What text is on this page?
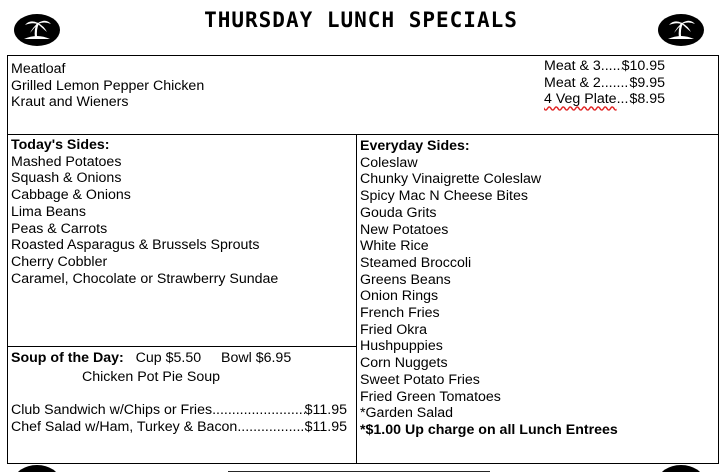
THURSDAY LUNCH SPECIALS
Meatloaf
Grilled Lemon Pepper Chicken
Kraut and Wieners
Meat & 3 ..... $10.95
Meat & 2 ..... $9.95
4 Veg Plate ..... $8.95
Today's Sides:
Mashed Potatoes
Squash & Onions
Cabbage & Onions
Lima Beans
Peas & Carrots
Roasted Asparagus & Brussels Sprouts
Cherry Cobbler
Caramel, Chocolate or Strawberry Sundae
Soup of the Day: Cup $5.50 Bowl $6.95
Chicken Pot Pie Soup
Club Sandwich w/Chips or Fries .....	$11.95
Chef Salad w/Ham, Turkey & Bacon .....	$11.95
Everyday Sides:
Coleslaw
Chunky Vinaigrette Coleslaw
Spicy Mac N Cheese Bites
Gouda Grits
New Potatoes
White Rice
Steamed Broccoli
Greens Beans
Onion Rings
French Fries
Fried Okra
Hushpuppies
Corn Nuggets
Sweet Potato Fries
Fried Green Tomatoes
*Garden Salad
*$1.00 Up charge on all Lunch Entrees
